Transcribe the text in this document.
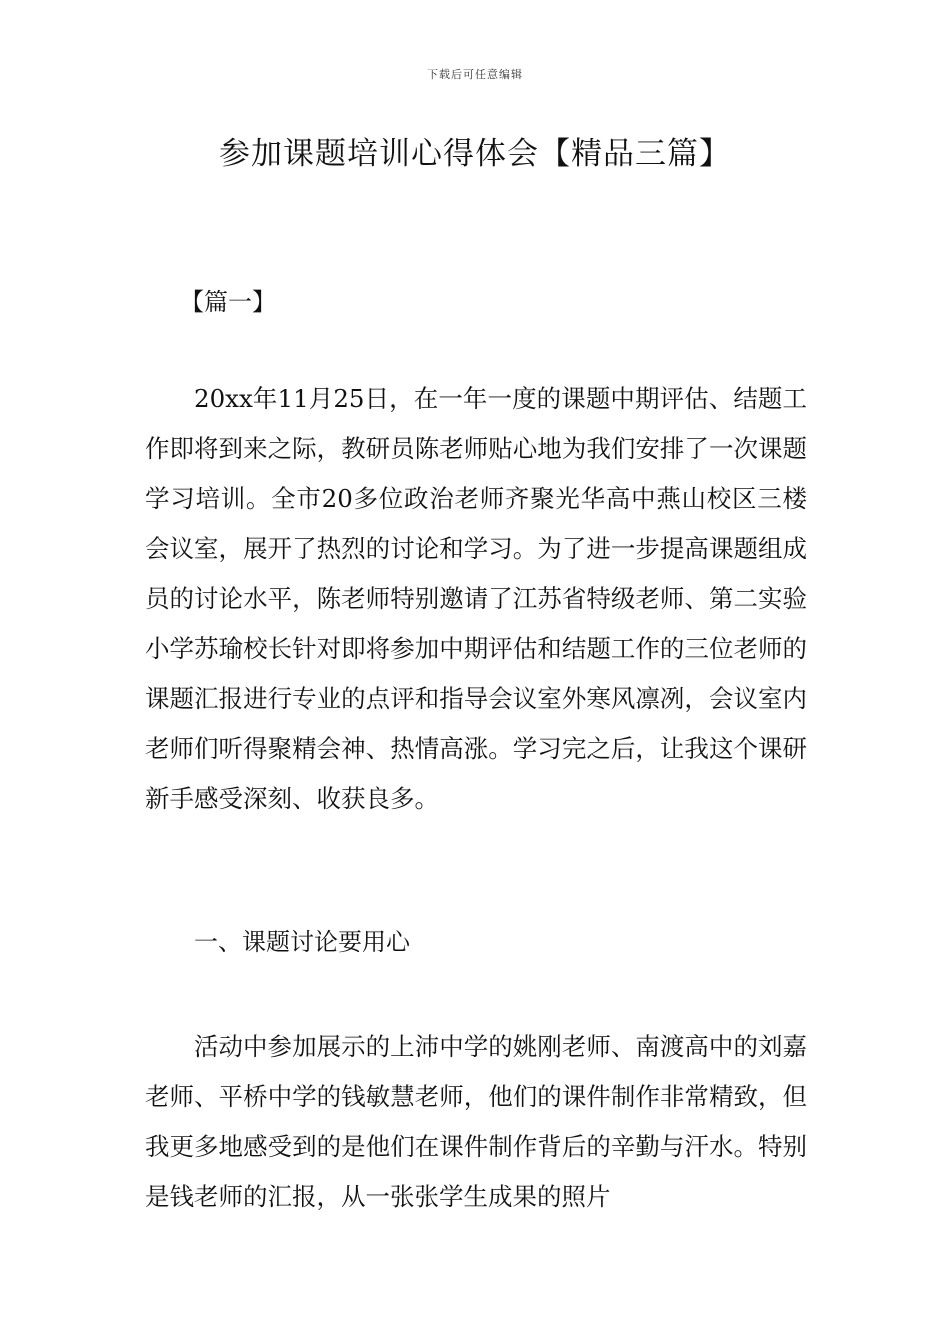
下载后可任意编辑
参加课题培训心得体会【精品三篇】

【篇一】

20xx年11月25日，在一年一度的课题中期评估、结题工作即将到来之际，教研员陈老师贴心地为我们安排了一次课题学习培训。全市20多位政治老师齐聚光华高中燕山校区三楼会议室，展开了热烈的讨论和学习。为了进一步提高课题组成员的讨论水平，陈老师特别邀请了江苏省特级老师、第二实验小学苏瑜校长针对即将参加中期评估和结题工作的三位老师的课题汇报进行专业的点评和指导会议室外寒风凛冽，会议室内老师们听得聚精会神、热情高涨。学习完之后，让我这个课研新手感受深刻、收获良多。

一、课题讨论要用心

活动中参加展示的上沛中学的姚刚老师、南渡高中的刘嘉老师、平桥中学的钱敏慧老师，他们的课件制作非常精致，但我更多地感受到的是他们在课件制作背后的辛勤与汗水。特别是钱老师的汇报，从一张张学生成果的照片
